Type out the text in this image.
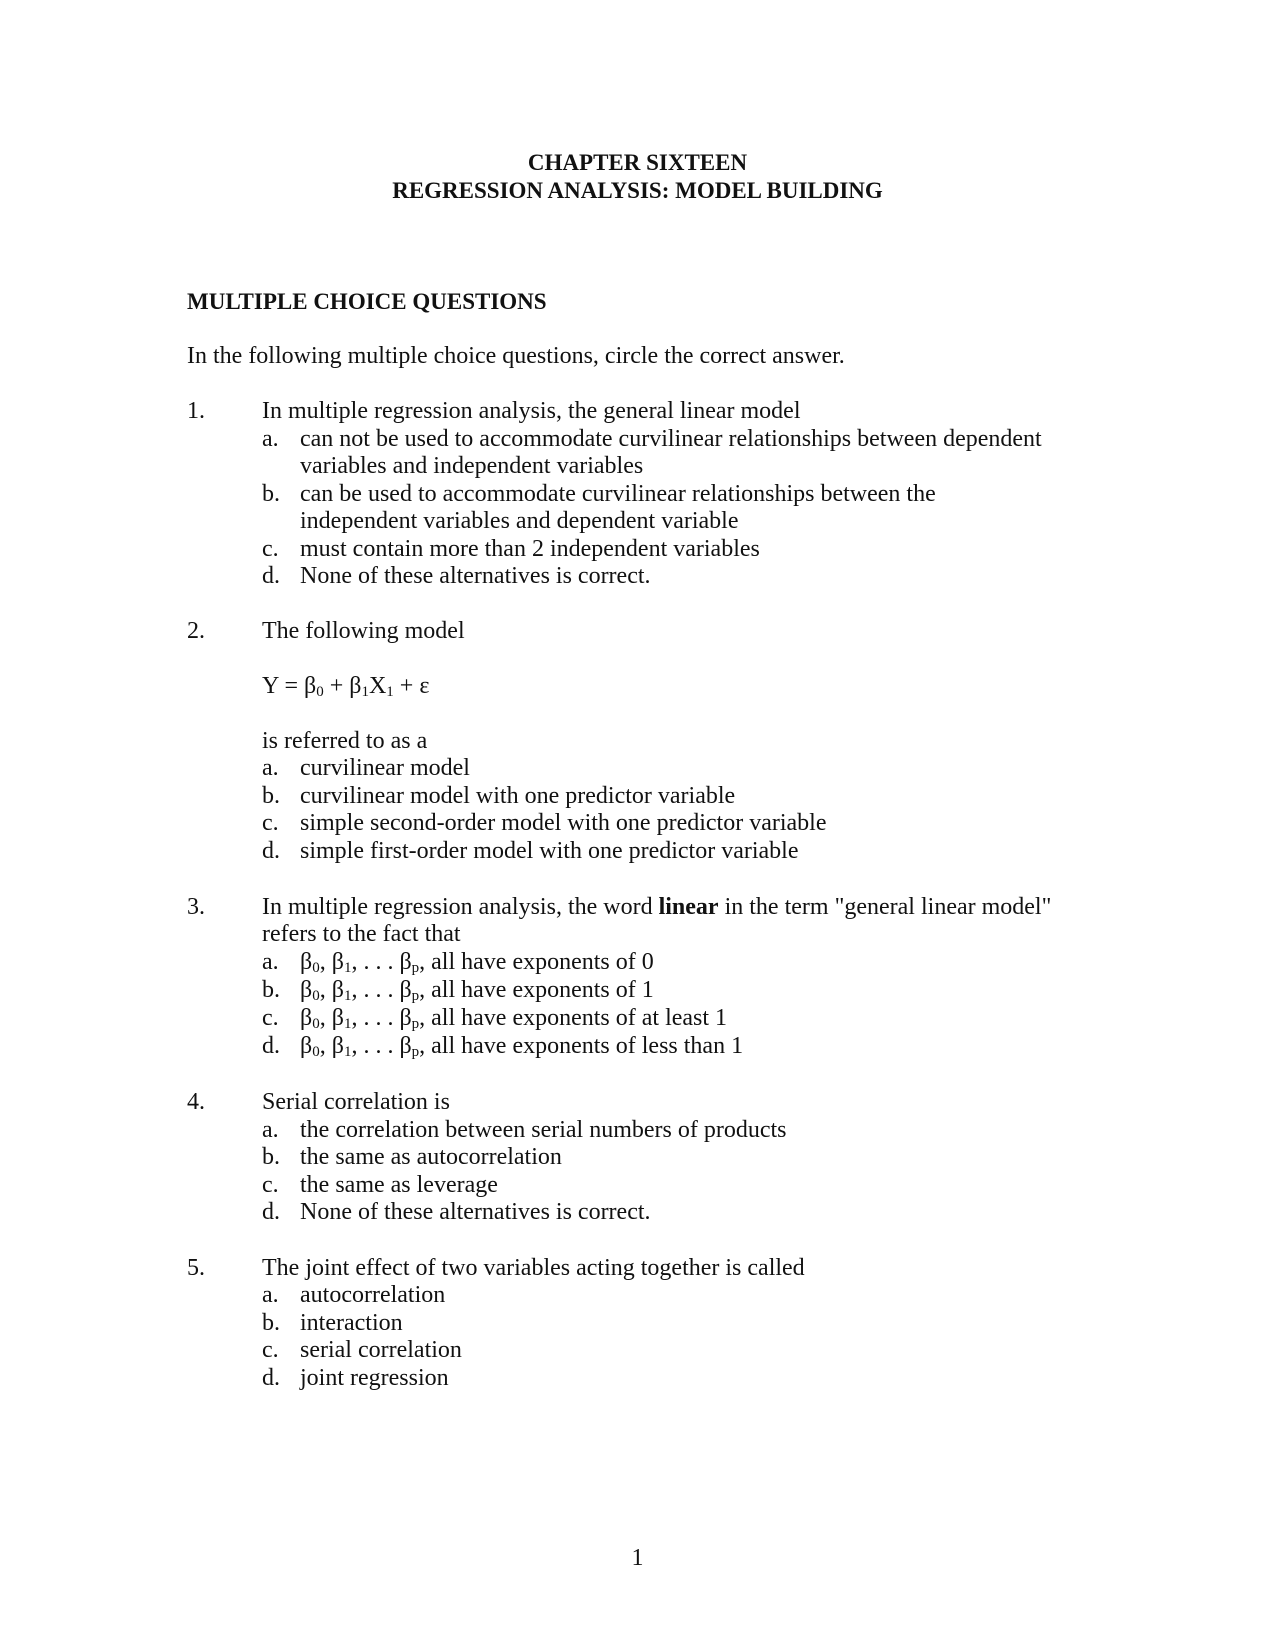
CHAPTER SIXTEEN
REGRESSION ANALYSIS: MODEL BUILDING
MULTIPLE CHOICE QUESTIONS
In the following multiple choice questions, circle the correct answer.
1. In multiple regression analysis, the general linear model
a. can not be used to accommodate curvilinear relationships between dependent
variables and independent variables
b. can be used to accommodate curvilinear relationships between the
independent variables and dependent variable
c. must contain more than 2 independent variables
d. None of these alternatives is correct.
2. The following model
$Y = \beta_0 + \beta_1X_1 + \varepsilon$
is referred to as a
a. curvilinear model
b. curvilinear model with one predictor variable
c. simple second-order model with one predictor variable
d. simple first-order model with one predictor variable
3. In multiple regression analysis, the word linear in the term "general linear model"
refers to the fact that
a. $\beta_0$, $\beta_1$, . . . $\beta_p$, all have exponents of 0
b. $\beta_0$, $\beta_1$, . . . $\beta_p$, all have exponents of 1
c. $\beta_0$, $\beta_1$, . . . $\beta_p$, all have exponents of at least 1
d. $\beta_0$, $\beta_1$, . . . $\beta_p$, all have exponents of less than 1
4. Serial correlation is
a. the correlation between serial numbers of products
b. the same as autocorrelation
c. the same as leverage
d. None of these alternatives is correct.
5. The joint effect of two variables acting together is called
a. autocorrelation
b. interaction
c. serial correlation
d. joint regression
1
